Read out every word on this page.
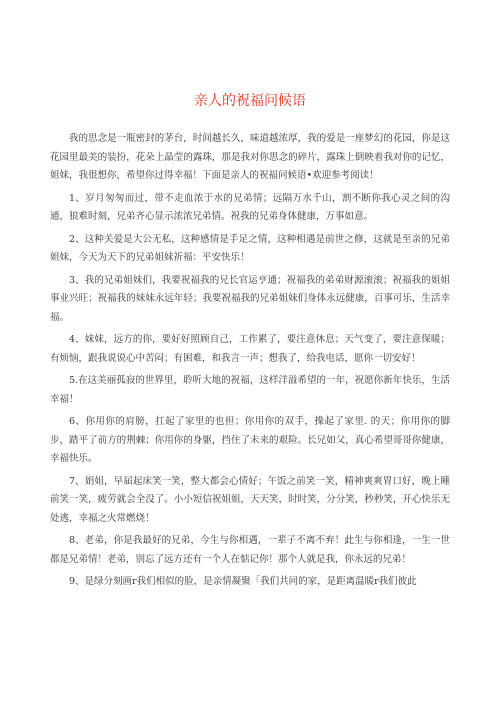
亲人的祝福问候语

我的思念是一瓶密封的茅台，时间越长久，味道越浓厚，我的爱是一座梦幻的花园，你是这花园里最美的装扮，花朵上晶莹的露珠，那是我对你思念的碎片，露珠上倒映着我对你的记忆，姐妹，我很想你，希望你过得幸福！下面是亲人的祝福问候语•欢迎参考阅读！

1、岁月匆匆而过，带不走血浓于水的兄弟情；远隔万水千山，割不断你我心灵之间的沟通，狼难时刻，兄弟齐心显示浓浓兄弟情。祝我的兄弟身体健康，万事如意。

2、这种关爱是大公无私，这种感情是手足之情，这种相遇是前世之修，这就是至亲的兄弟姐妹，今天为天下的兄弟姐妹祈福：平安快乐！

3、我的兄弟姐妹们，我要祝福我的兄长官运亨通；祝福我的弟弟财源滚滚；祝福我的姐姐事业兴旺；祝福我的妹妹永远年轻；我要祝福我的兄弟姐妹们身体永远健康，百事可乐，生活幸福。

4、妹妹，远方的你，要好好照顾自己，工作累了，要注意休息；天气变了，要注意保暖；有烦恼，跟我说说心中苦闷；有困难，和我言一声；想我了，给我电话，愿你一切安好！

5.在这美丽孤寂的世界里，聆听大地的祝福，这样洋溢希望的一年，祝愿你新年快乐，生活幸福！

6、你用你的肩膀，扛起了家里的也担；你用你的双手，操起了家里. 的天；你用你的脚步，踏平了前方的荆棘；你用你的身躯，挡住了未来的艰险。长兄如父，真心希望哥哥你健康，幸福快乐。

7、娟姐，早届起床笑一笑，整大都会心情好；午饭之前笑一笑，精神爽爽胃口好，晚上睡前笑一笑，疲劳就会全没了。小小短信祝姐姐，天天笑，时时笑，分分笑，秒秒笑，开心快乐无处逃，幸福之火常燃烧！

8、老弟，你是我最好的兄弟，今生与你相遇，一辈子不离不弃！此生与你相逢，一生一世都是兄弟情！老弟，别忘了远方还有一个人在惦记你！那个人就是我，你永远的兄弟！

9、是绿分刻画r我们相似的脸，是亲情凝聚「我们共同的家，是距离温暖r我们彼此
